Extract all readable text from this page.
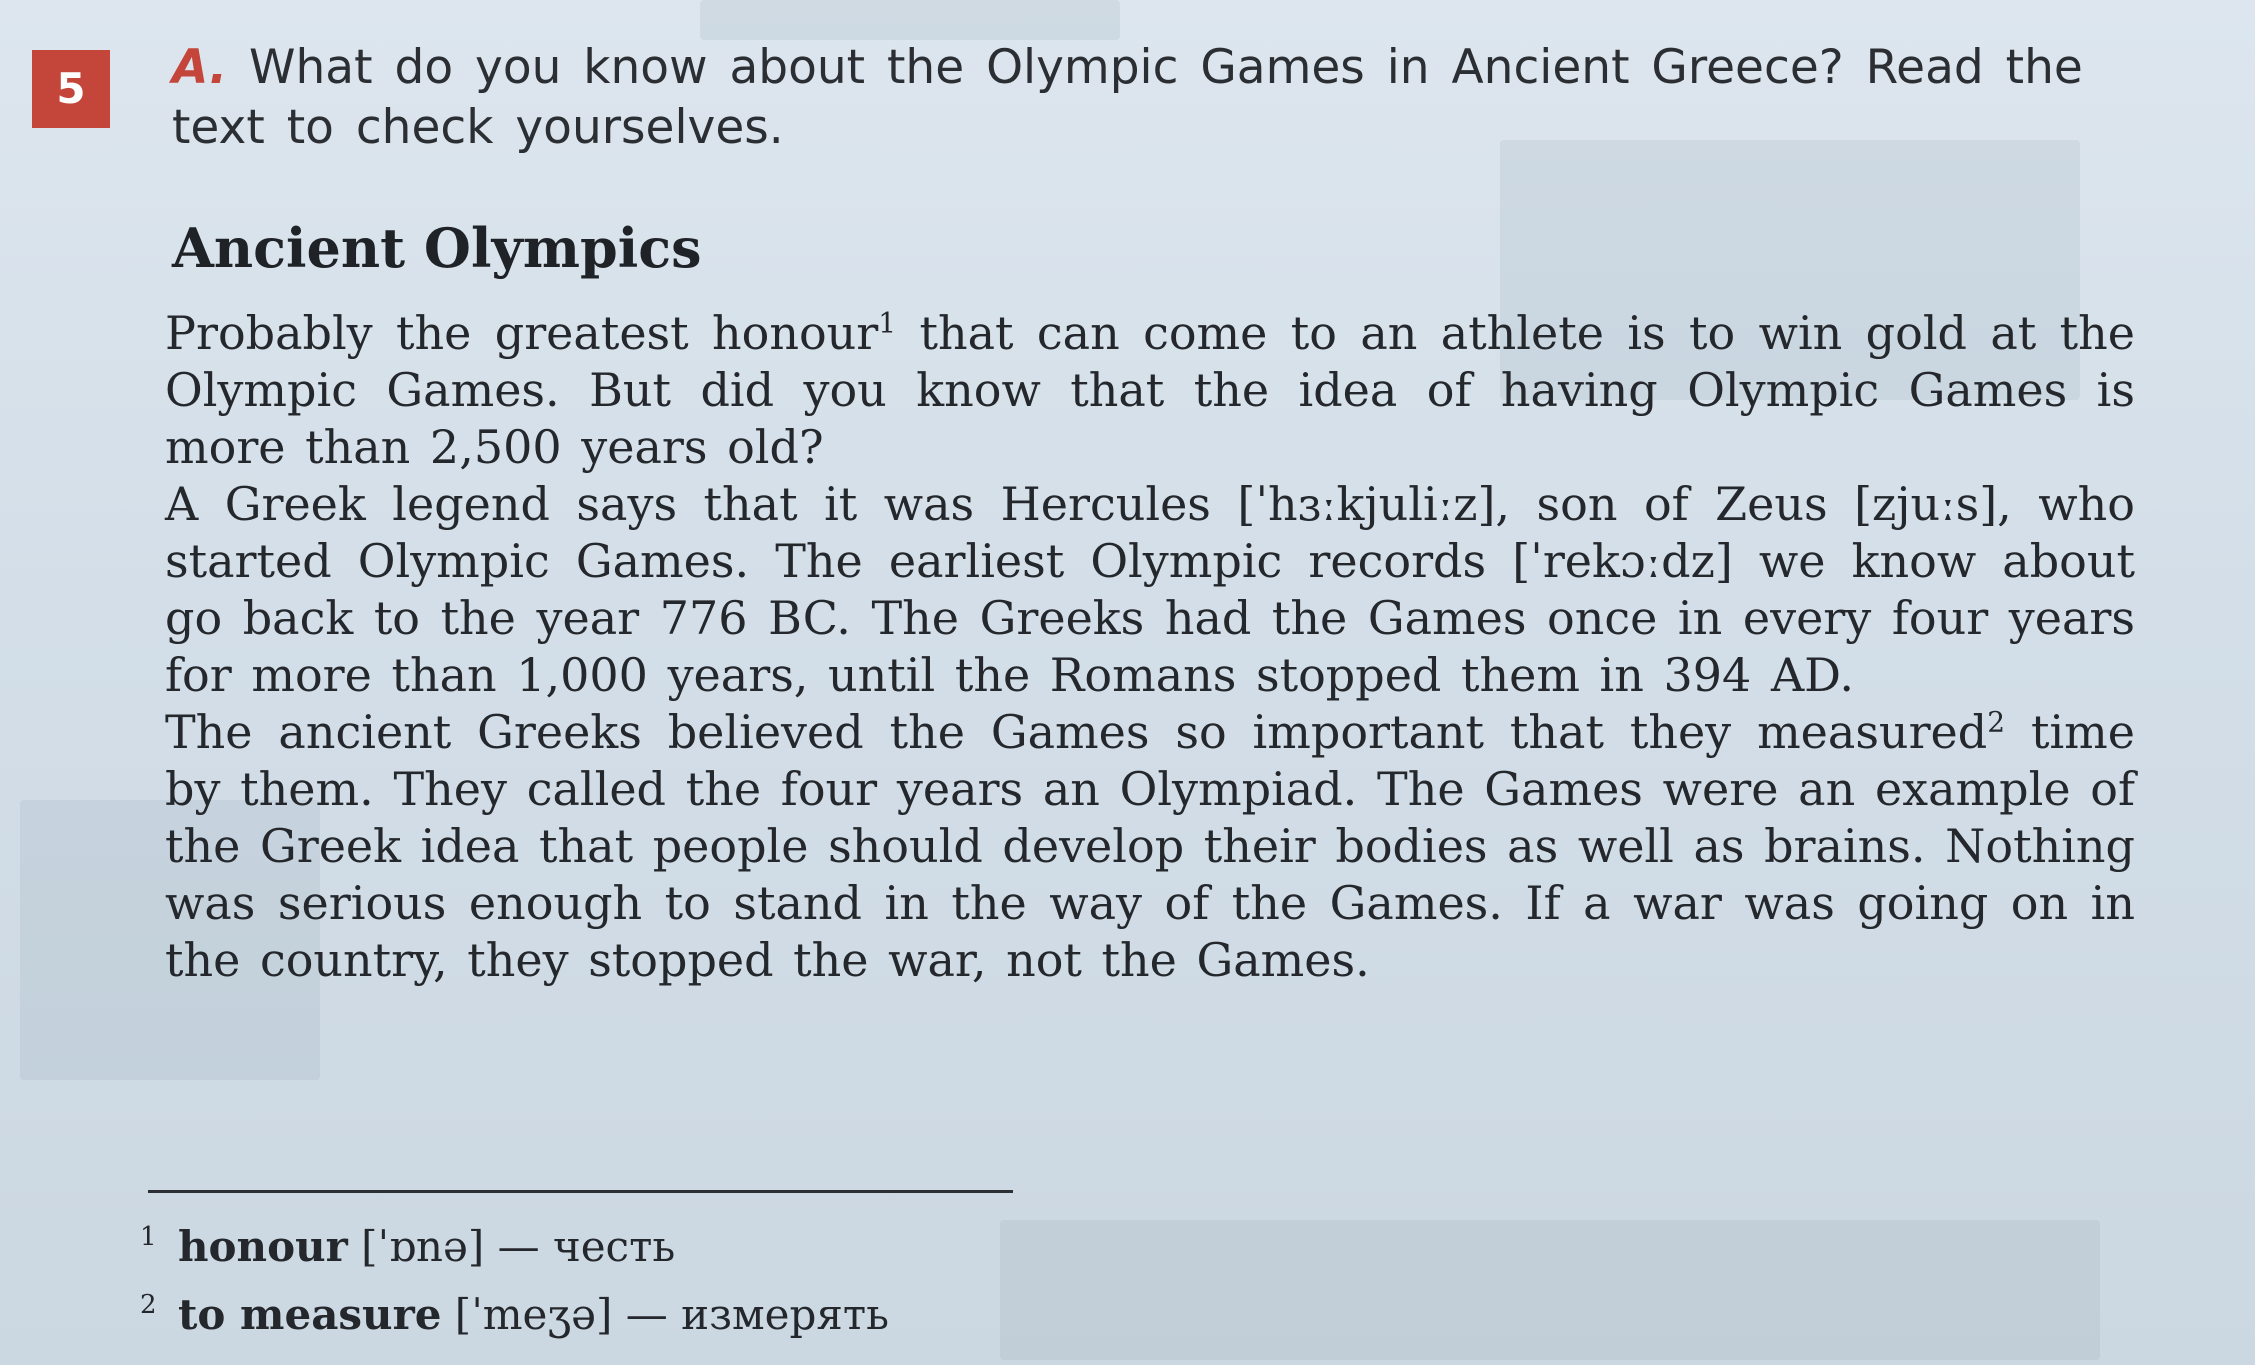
5	A. What do you know about the Olympic Games in Ancient Greece? Read the text to check yourselves.
Ancient Olympics

Probably the greatest honour$^1$ that can come to an athlete is to win gold at the Olympic Games. But did you know that the idea of having Olympic Games is more than 2,500 years old?

A Greek legend says that it was Hercules [ˈhɜːkjuliːz], son of Zeus [zjuːs], who started Olympic Games. The earliest Olympic records [ˈrekɔːdz] we know about go back to the year 776 BC. The Greeks had the Games once in every four years for more than 1,000 years, until the Romans stopped them in 394 AD.

The ancient Greeks believed the Games so important that they measured$^2$ time by them. They called the four years an Olympiad. The Games were an example of the Greek idea that people should develop their bodies as well as brains. Nothing was serious enough to stand in the way of the Games. If a war was going on in the country, they stopped the war, not the Games.

1 honour [ˈɒnə] — честь
2 to measure [ˈmeʒə] — измерять
